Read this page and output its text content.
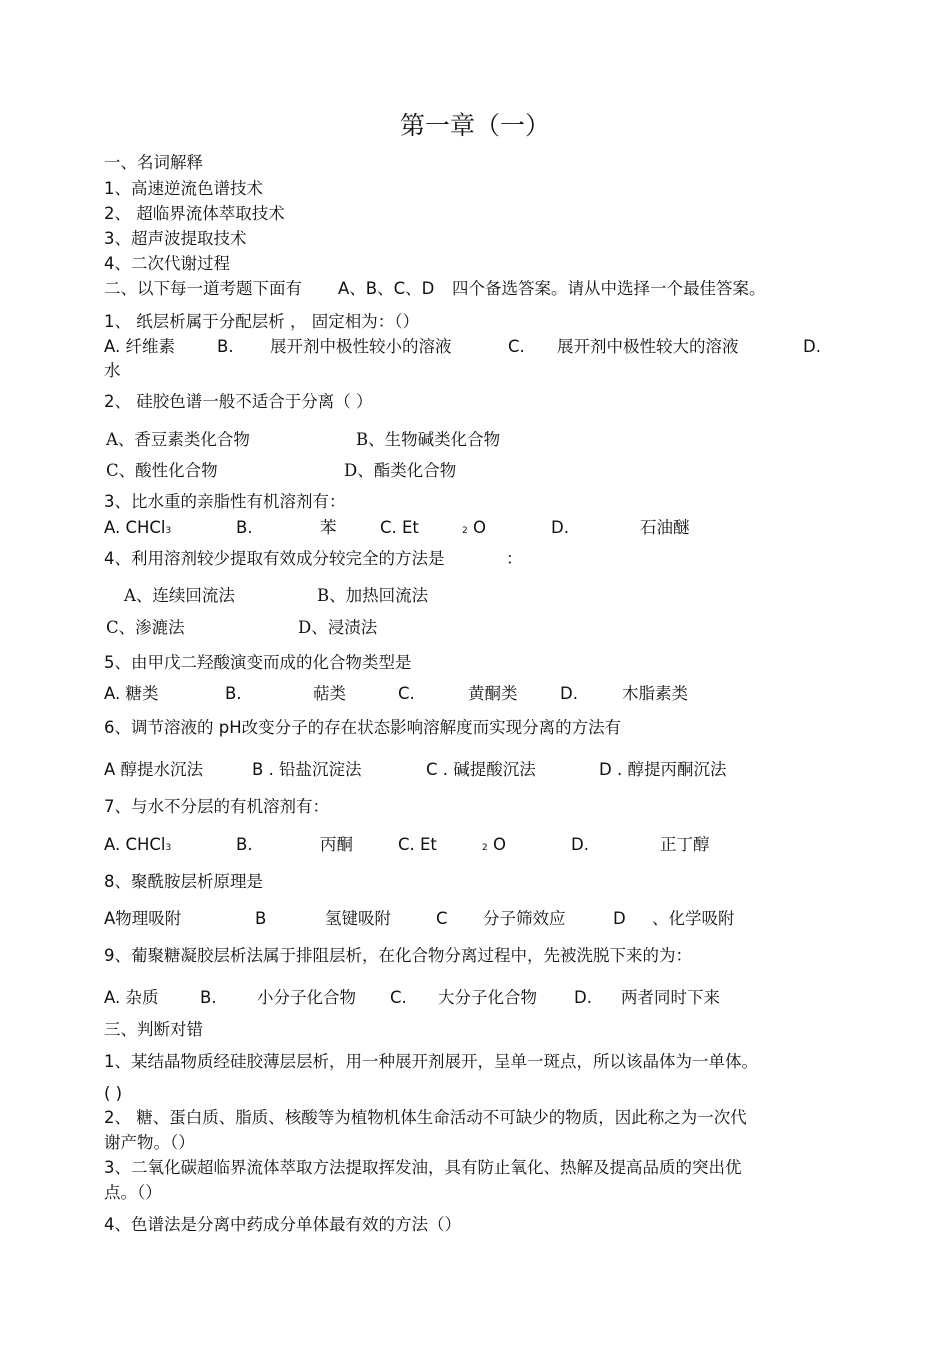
第一章（一）
一、名词解释
1、高速逆流色谱技术
2、 超临界流体萃取技术
3、超声波提取技术
4、二次代谢过程
二、以下每一道考题下面有 A、B、C、D 四个备选答案。请从中选择一个最佳答案。
1、 纸层析属于分配层析 ， 固定相为：（）
A. 纤维素	B. 展开剂中极性较小的溶液	C. 展开剂中极性较大的溶液	D.
水
2、 硅胶色谱一般不适合于分离（ ）
A、香豆素类化合物	B、生物碱类化合物
C、酸性化合物	D、酯类化合物
3、比水重的亲脂性有机溶剂有：
A. CHCl3	B.	苯	C. Et	2 O	D.	石油醚
4、利用溶剂较少提取有效成分较完全的方法是	：
A、连续回流法	B、加热回流法
C、渗漉法	D、浸渍法
5、由甲戊二羟酸演变而成的化合物类型是
A. 糖类	B.	萜类	C.	黄酮类	D.	木脂素类
6、调节溶液的 pH改变分子的存在状态影响溶解度而实现分离的方法有
A 醇提水沉法	B . 铅盐沉淀法	C . 碱提酸沉法	D . 醇提丙酮沉法
7、与水不分层的有机溶剂有：
A. CHCl3	B.	丙酮	C. Et	2 O	D.	正丁醇
8、聚酰胺层析原理是
A物理吸附	B	氢键吸附	C 分子筛效应	D 、化学吸附
9、葡聚糖凝胶层析法属于排阻层析，在化合物分离过程中，先被洗脱下来的为：
A. 杂质	B. 小分子化合物 C. 大分子化合物 D. 两者同时下来
三、判断对错
1、某结晶物质经硅胶薄层层析，用一种展开剂展开，呈单一斑点，所以该晶体为一单体。
( )
2、 糖、蛋白质、脂质、核酸等为植物机体生命活动不可缺少的物质，因此称之为一次代
谢产物。（）
3、二氧化碳超临界流体萃取方法提取挥发油，具有防止氧化、热解及提高品质的突出优
点。（）
4、色谱法是分离中药成分单体最有效的方法（）
